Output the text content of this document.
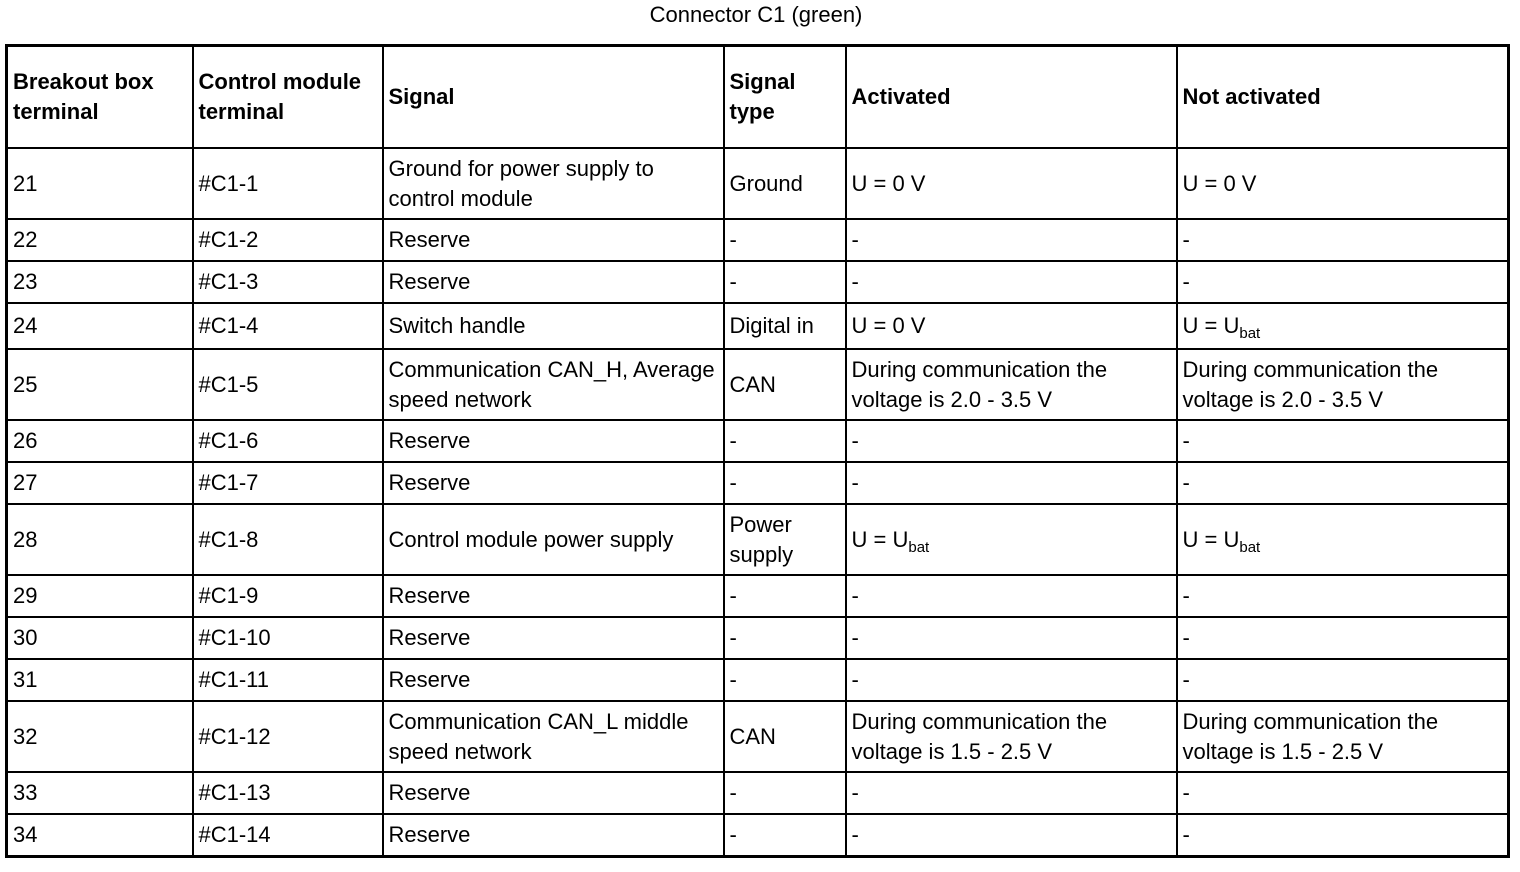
Connector C1 (green)
Breakout box terminal	Control module terminal	Signal	Signal type	Activated	Not activated
21	#C1-1	Ground for power supply to control module	Ground	U = 0 V	U = 0 V
22	#C1-2	Reserve	-	-	-
23	#C1-3	Reserve	-	-	-
24	#C1-4	Switch handle	Digital in	U = 0 V	$U = U_{bat}$
25	#C1-5	Communication CAN_H, Average speed network	CAN	During communication the voltage is 2.0 - 3.5 V	During communication the voltage is 2.0 - 3.5 V
26	#C1-6	Reserve	-	-	-
27	#C1-7	Reserve	-	-	-
28	#C1-8	Control module power supply	Power supply	$U = U_{bat}$	$U = U_{bat}$
29	#C1-9	Reserve	-	-	-
30	#C1-10	Reserve	-	-	-
31	#C1-11	Reserve	-	-	-
32	#C1-12	Communication CAN_L middle speed network	CAN	During communication the voltage is 1.5 - 2.5 V	During communication the voltage is 1.5 - 2.5 V
33	#C1-13	Reserve	-	-	-
34	#C1-14	Reserve	-	-	-
